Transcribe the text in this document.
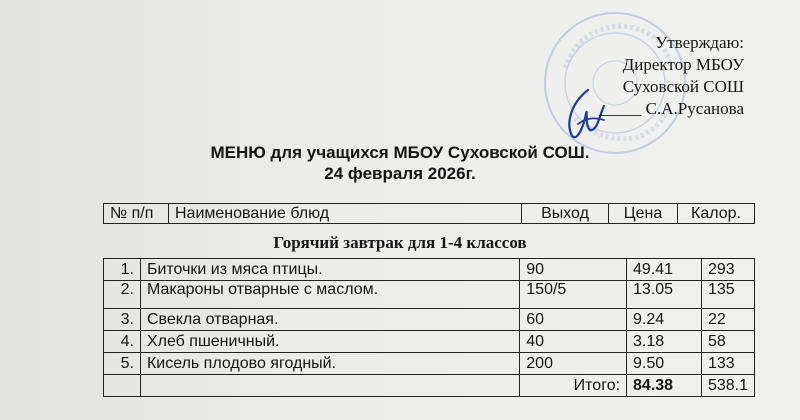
Утверждаю:
Директор МБОУ
Суховской СОШ
_____ С.А.Русанова
МЕНЮ для учащихся МБОУ Суховской СОШ.
24 февраля 2026г.
№ п/п	Наименование блюд	Выход	Цена	Калор.
Горячий завтрак для 1-4 классов
1.	Биточки из мяса птицы.	90	49.41	293
2.	Макароны отварные с маслом.	150/5	13.05	135
3.	Свекла отварная.	60	9.24	22
4.	Хлеб пшеничный.	40	3.18	58
5.	Кисель плодово ягодный.	200	9.50	133
		Итого:	84.38	538.1
